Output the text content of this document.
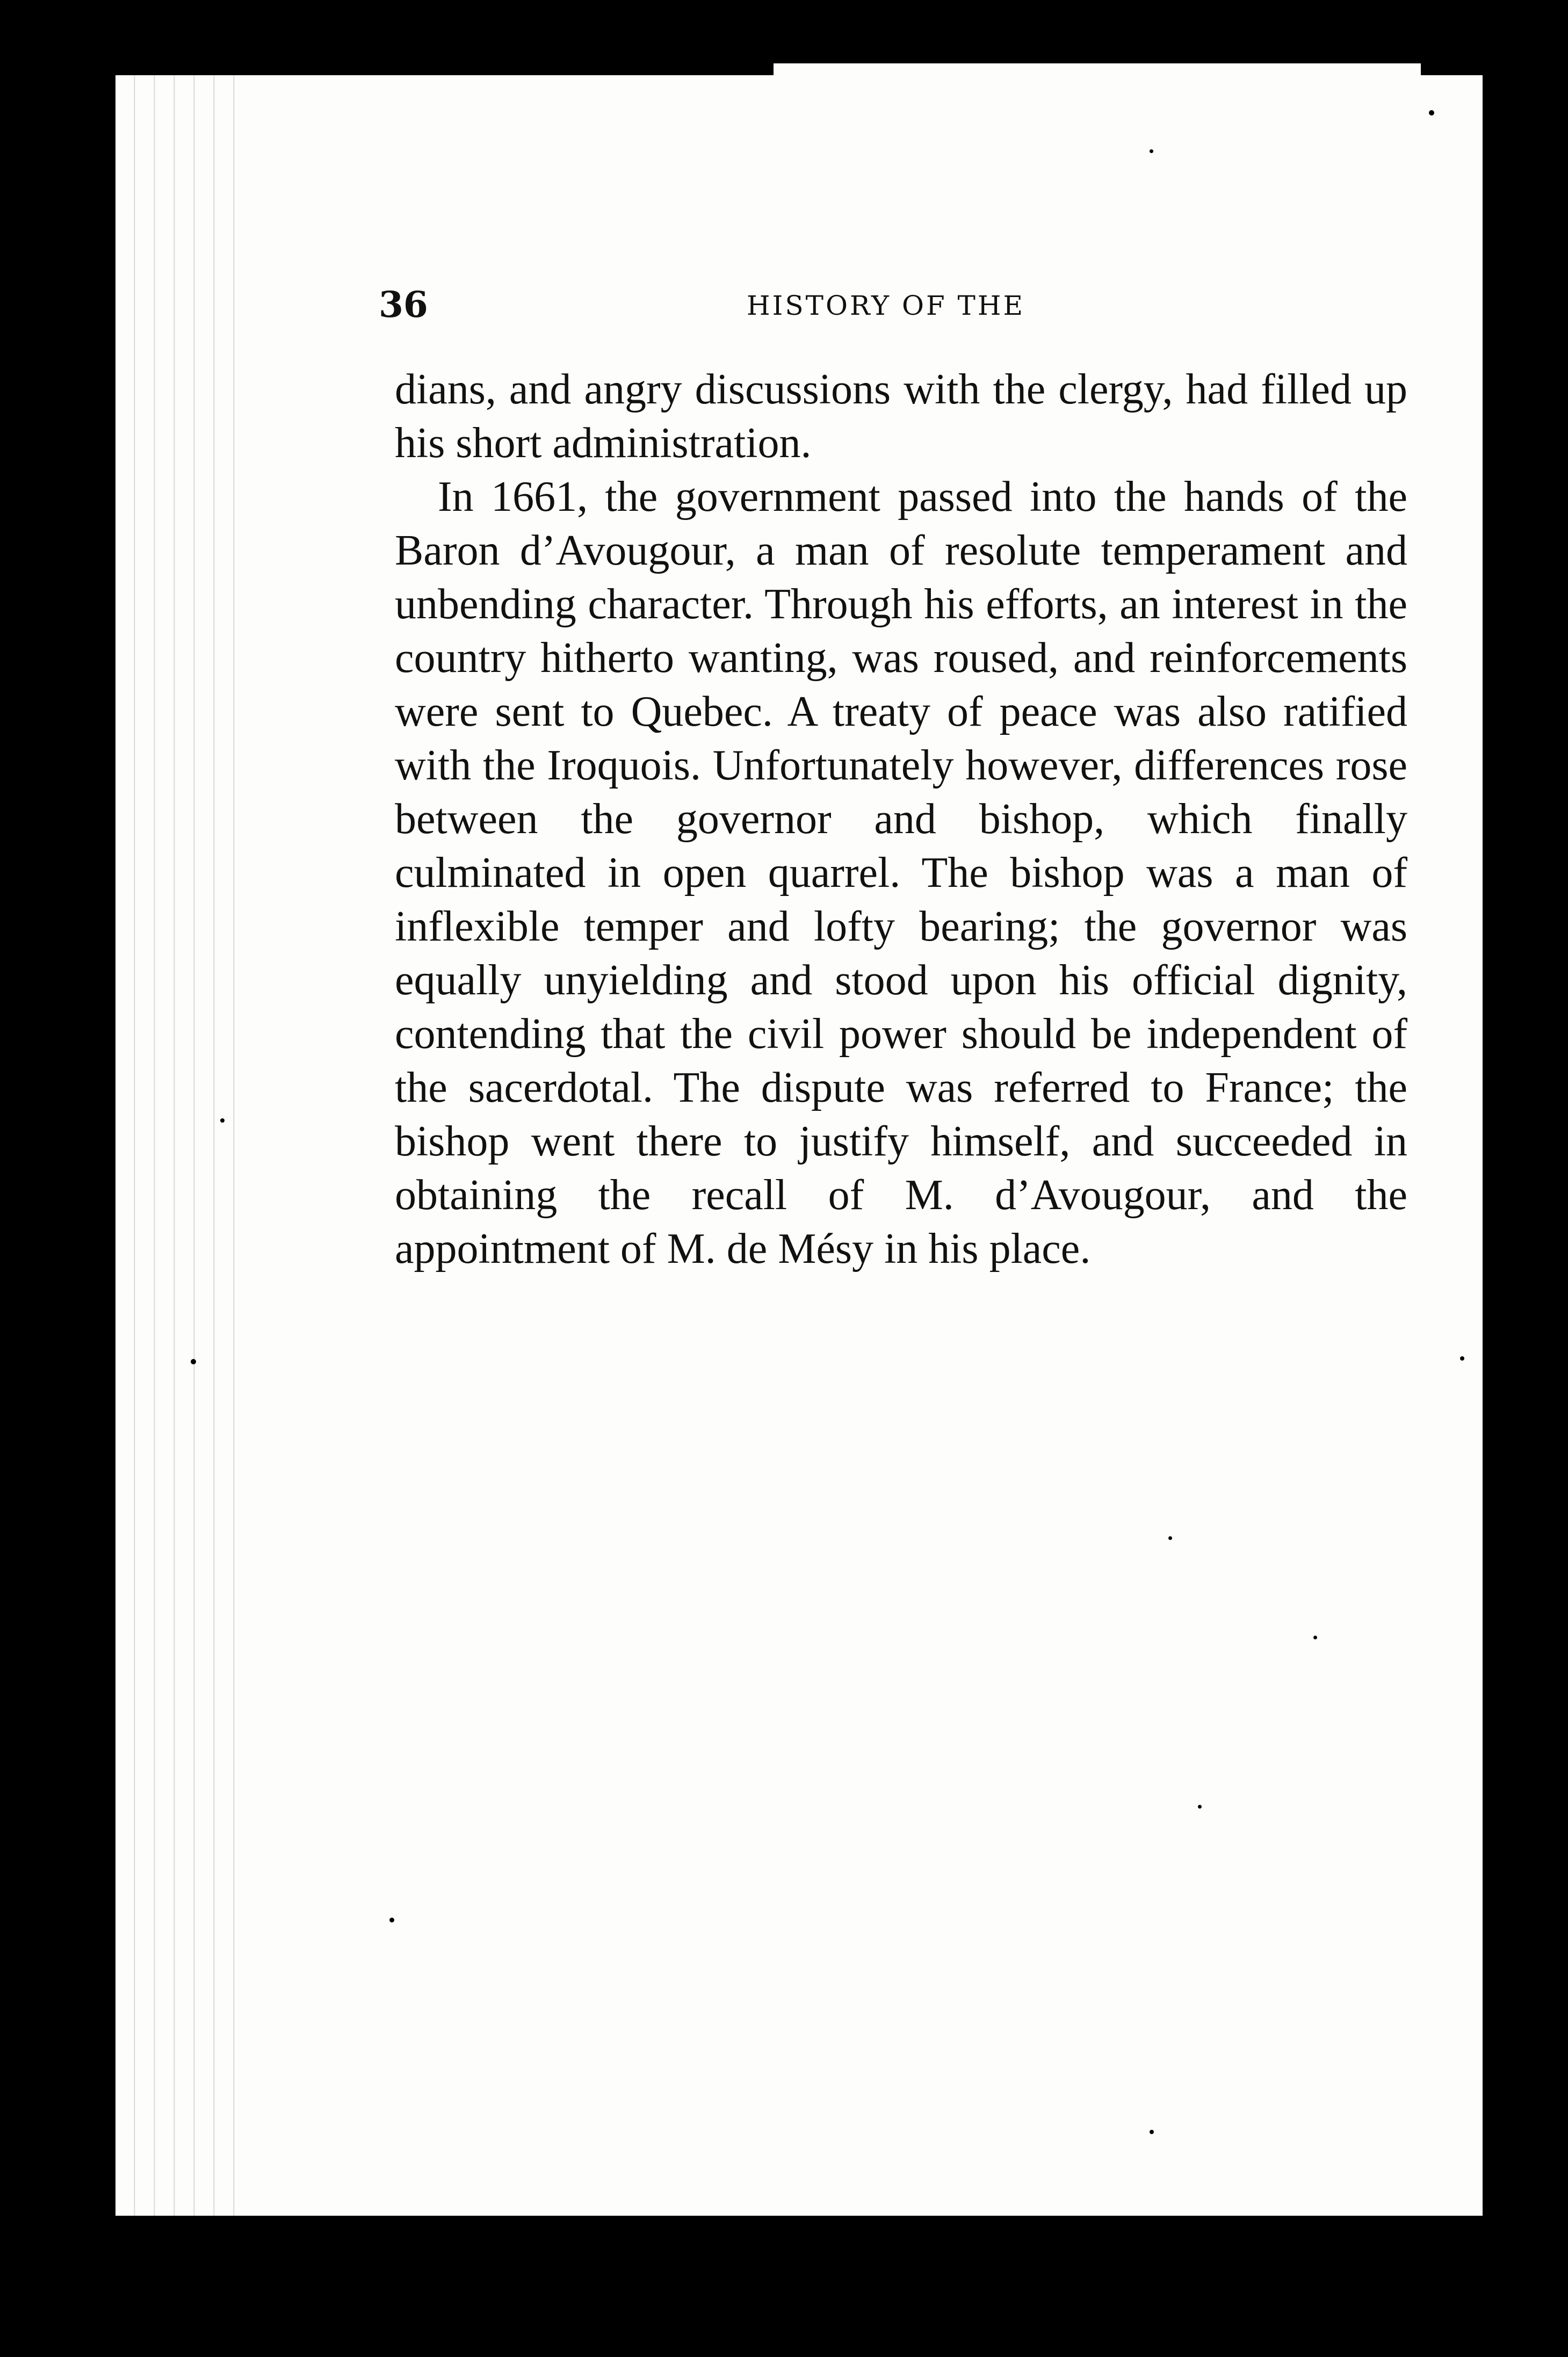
36	HISTORY OF THE

dians, and angry discussions with the clergy, had filled up his short administration.

In 1661, the government passed into the hands of the Baron d’Avougour, a man of resolute temperament and unbending character. Through his efforts, an interest in the country hitherto wanting, was roused, and reinforcements were sent to Quebec. A treaty of peace was also ratified with the Iroquois. Unfortunately however, differences rose between the governor and bishop, which finally culminated in open quarrel. The bishop was a man of inflexible temper and lofty bearing; the governor was equally unyielding and stood upon his official dignity, contending that the civil power should be independent of the sacerdotal. The dispute was referred to France; the bishop went there to justify himself, and succeeded in obtaining the recall of M. d’Avougour, and the appointment of M. de Mésy in his place.
